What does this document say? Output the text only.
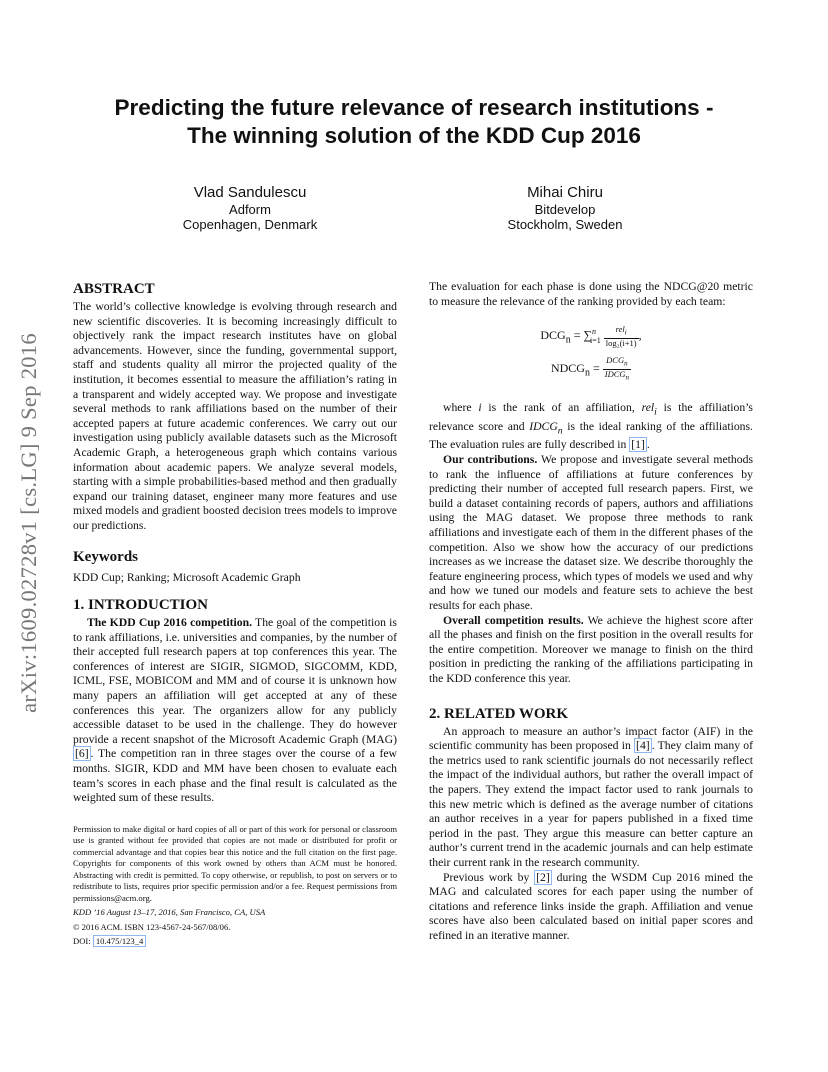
arXiv:1609.02728v1 [cs.LG] 9 Sep 2016
Predicting the future relevance of research institutions -
The winning solution of the KDD Cup 2016
Vlad Sandulescu
Adform
Copenhagen, Denmark
Mihai Chiru
Bitdevelop
Stockholm, Sweden
ABSTRACT

The world’s collective knowledge is evolving through research and new scientific discoveries. It is becoming increasingly difficult to objectively rank the impact research institutes have on global advancements. However, since the funding, governmental support, staff and students quality all mirror the projected quality of the institution, it becomes essential to measure the affiliation’s rating in a transparent and widely accepted way. We propose and investigate several methods to rank affiliations based on the number of their accepted papers at future academic conferences. We carry out our investigation using publicly available datasets such as the Microsoft Academic Graph, a heterogeneous graph which contains various information about academic papers. We analyze several models, starting with a simple probabilities-based method and then gradually expand our training dataset, engineer many more features and use mixed models and gradient boosted decision trees models to improve our predictions.

Keywords

KDD Cup; Ranking; Microsoft Academic Graph

1. INTRODUCTION

The KDD Cup 2016 competition. The goal of the competition is to rank affiliations, i.e. universities and companies, by the number of their accepted full research papers at top conferences this year. The conferences of interest are SIGIR, SIGMOD, SIGCOMM, KDD, ICML, FSE, MOBICOM and MM and of course it is unknown how many papers an affiliation will get accepted at any of these conferences this year. The organizers allow for any publicly accessible dataset to be used in the challenge. They do however provide a recent snapshot of the Microsoft Academic Graph (MAG) [6] . The competition ran in three stages over the course of a few months. SIGIR, KDD and MM have been chosen to evaluate each team’s scores in each phase and the final result is calculated as the weighted sum of these results.

Permission to make digital or hard copies of all or part of this work for personal or classroom use is granted without fee provided that copies are not made or distributed for profit or commercial advantage and that copies bear this notice and the full citation on the first page. Copyrights for components of this work owned by others than ACM must be honored. Abstracting with credit is permitted. To copy otherwise, or republish, to post on servers or to redistribute to lists, requires prior specific permission and/or a fee. Request permissions from permissions@acm.org.

KDD ’16 August 13–17, 2016, San Francisco, CA, USA

© 2016 ACM. ISBN 123-4567-24-567/08/06.

DOI: 10.475/123_4

The evaluation for each phase is done using the NDCG@20 metric to measure the relevance of the ranking provided by each team:

$DCG_n = \sum^n_{i=1} \frac{rel_i}{\text{log₂(i+1)}}$ ,
$NDCG_n = \frac{DCG_n}{IDCG_n}$

where i is the rank of an affiliation, rel$_i$ is the affiliation’s relevance score and $IDCG_n$ is the ideal ranking of the affiliations. The evaluation rules are fully described in [1] .

Our contributions. We propose and investigate several methods to rank the influence of affiliations at future conferences by predicting their number of accepted full research papers. First, we build a dataset containing records of papers, authors and affiliations using the MAG dataset. We propose three methods to rank affiliations and investigate each of them in the different phases of the competition. Also we show how the accuracy of our predictions increases as we increase the dataset size. We describe thoroughly the feature engineering process, which types of models we used and why and how we tuned our models and feature sets to achieve the best results for each phase.

Overall competition results. We achieve the highest score after all the phases and finish on the first position in the overall results for the entire competition. Moreover we manage to finish on the third position in predicting the ranking of the affiliations participating in the KDD conference this year.

2. RELATED WORK

An approach to measure an author’s impact factor (AIF) in the scientific community has been proposed in [4] . They claim many of the metrics used to rank scientific journals do not necessarily reflect the impact of the individual authors, but rather the overall impact of the papers. They extend the impact factor used to rank journals to this new metric which is defined as the average number of citations an author receives in a year for papers published in a fixed time period in the past. They argue this measure can better capture an author’s current trend in the academic journals and can help estimate their current rank in the research community.

Previous work by [2] during the WSDM Cup 2016 mined the MAG and calculated scores for each paper using the number of citations and reference links inside the graph. Affiliation and venue scores have also been calculated based on initial paper scores and refined in an iterative manner.
